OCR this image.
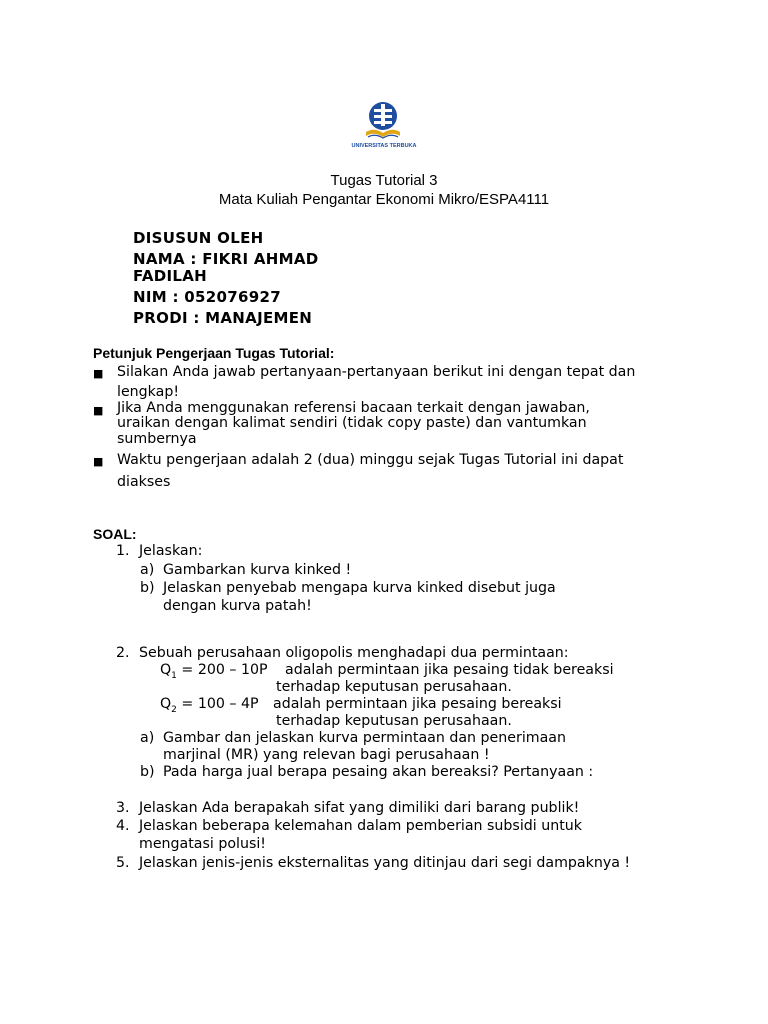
UNIVERSITAS TERBUKA
Tugas Tutorial 3
Mata Kuliah Pengantar Ekonomi Mikro/ESPA4111
DISUSUN OLEH
NAMA : FIKRI AHMAD
FADILAH
NIM : 052076927
PRODI : MANAJEMEN
Petunjuk Pengerjaan Tugas Tutorial:
■ Silakan Anda jawab pertanyaan-pertanyaan berikut ini dengan tepat dan
lengkap!
■ Jika Anda menggunakan referensi bacaan terkait dengan jawaban,
uraikan dengan kalimat sendiri (tidak copy paste) dan vantumkan
sumbernya
■ Waktu pengerjaan adalah 2 (dua) minggu sejak Tugas Tutorial ini dapat
diakses
SOAL:
1. Jelaskan:
a) Gambarkan kurva kinked !
b) Jelaskan penyebab mengapa kurva kinked disebut juga
dengan kurva patah!
2. Sebuah perusahaan oligopolis menghadapi dua permintaan:
$Q_1 = 200 - 10P$ adalah permintaan jika pesaing tidak bereaksi
terhadap keputusan perusahaan.
$Q_2 = 100 - 4P$ adalah permintaan jika pesaing bereaksi
terhadap keputusan perusahaan.
a) Gambar dan jelaskan kurva permintaan dan penerimaan
marjinal (MR) yang relevan bagi perusahaan !
b) Pada harga jual berapa pesaing akan bereaksi? Pertanyaan :
3. Jelaskan Ada berapakah sifat yang dimiliki dari barang publik!
4. Jelaskan beberapa kelemahan dalam pemberian subsidi untuk
mengatasi polusi!
5. Jelaskan jenis-jenis eksternalitas yang ditinjau dari segi dampaknya !
